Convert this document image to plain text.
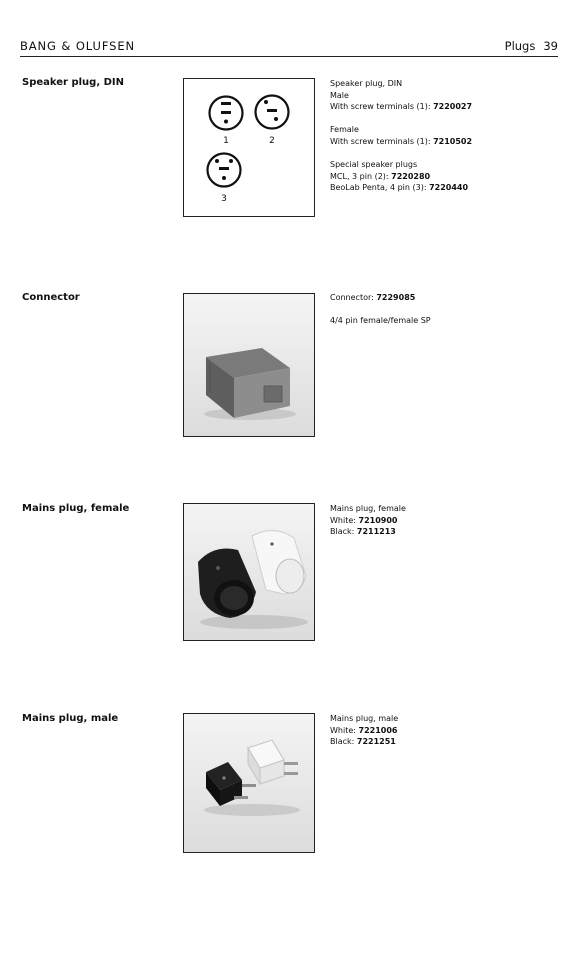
BANG & OLUFSEN	Plugs 39
Speaker plug, DIN
1	2
3

Speaker plug, DIN

Male

With screw terminals (1): 7220027

Female

With screw terminals (1): 7210502

Special speaker plugs

MCL, 3 pin (2): 7220280

BeoLab Penta, 4 pin (3): 7220440

Connector	Connector: 7229085

4/4 pin female/female SP

Mains plug, female	Mains plug, female

White: 7210900

Black: 7211213

Mains plug, male	Mains plug, male

White: 7221006

Black: 7221251
